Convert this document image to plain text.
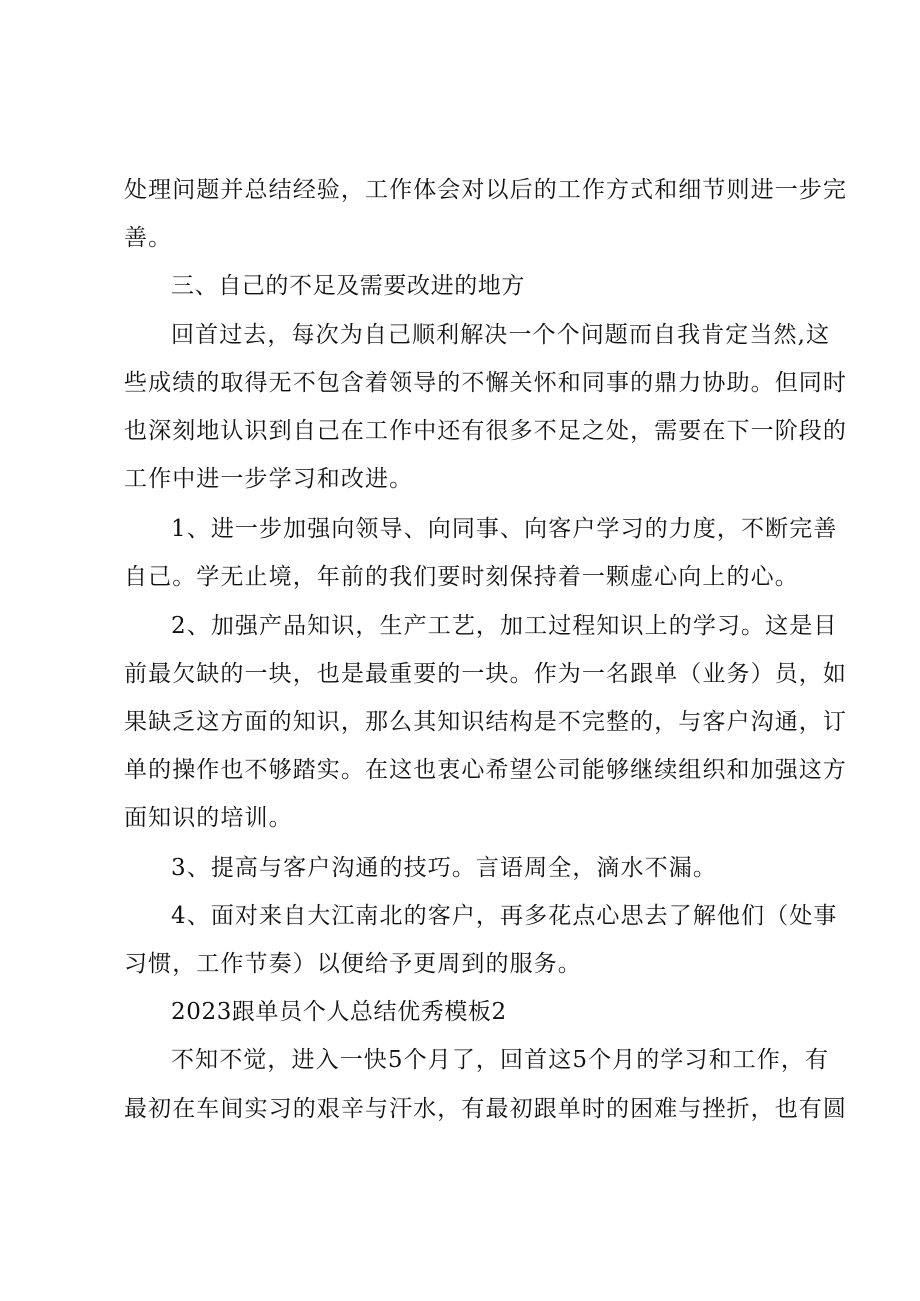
处理问题并总结经验，工作体会对以后的工作方式和细节则进一步完
善。
三、自己的不足及需要改进的地方
回首过去，每次为自己顺利解决一个个问题而自我肯定当然,这
些成绩的取得无不包含着领导的不懈关怀和同事的鼎力协助。但同时
也深刻地认识到自己在工作中还有很多不足之处，需要在下一阶段的
工作中进一步学习和改进。
1、进一步加强向领导、向同事、向客户学习的力度，不断完善
自己。学无止境，年前的我们要时刻保持着一颗虚心向上的心。
2、加强产品知识，生产工艺，加工过程知识上的学习。这是目
前最欠缺的一块，也是最重要的一块。作为一名跟单（业务）员，如
果缺乏这方面的知识，那么其知识结构是不完整的，与客户沟通，订
单的操作也不够踏实。在这也衷心希望公司能够继续组织和加强这方
面知识的培训。
3、提高与客户沟通的技巧。言语周全，滴水不漏。
4、面对来自大江南北的客户，再多花点心思去了解他们（处事
习惯，工作节奏）以便给予更周到的服务。
2023跟单员个人总结优秀模板2
不知不觉，进入一快5个月了，回首这5个月的学习和工作，有
最初在车间实习的艰辛与汗水，有最初跟单时的困难与挫折，也有圆
